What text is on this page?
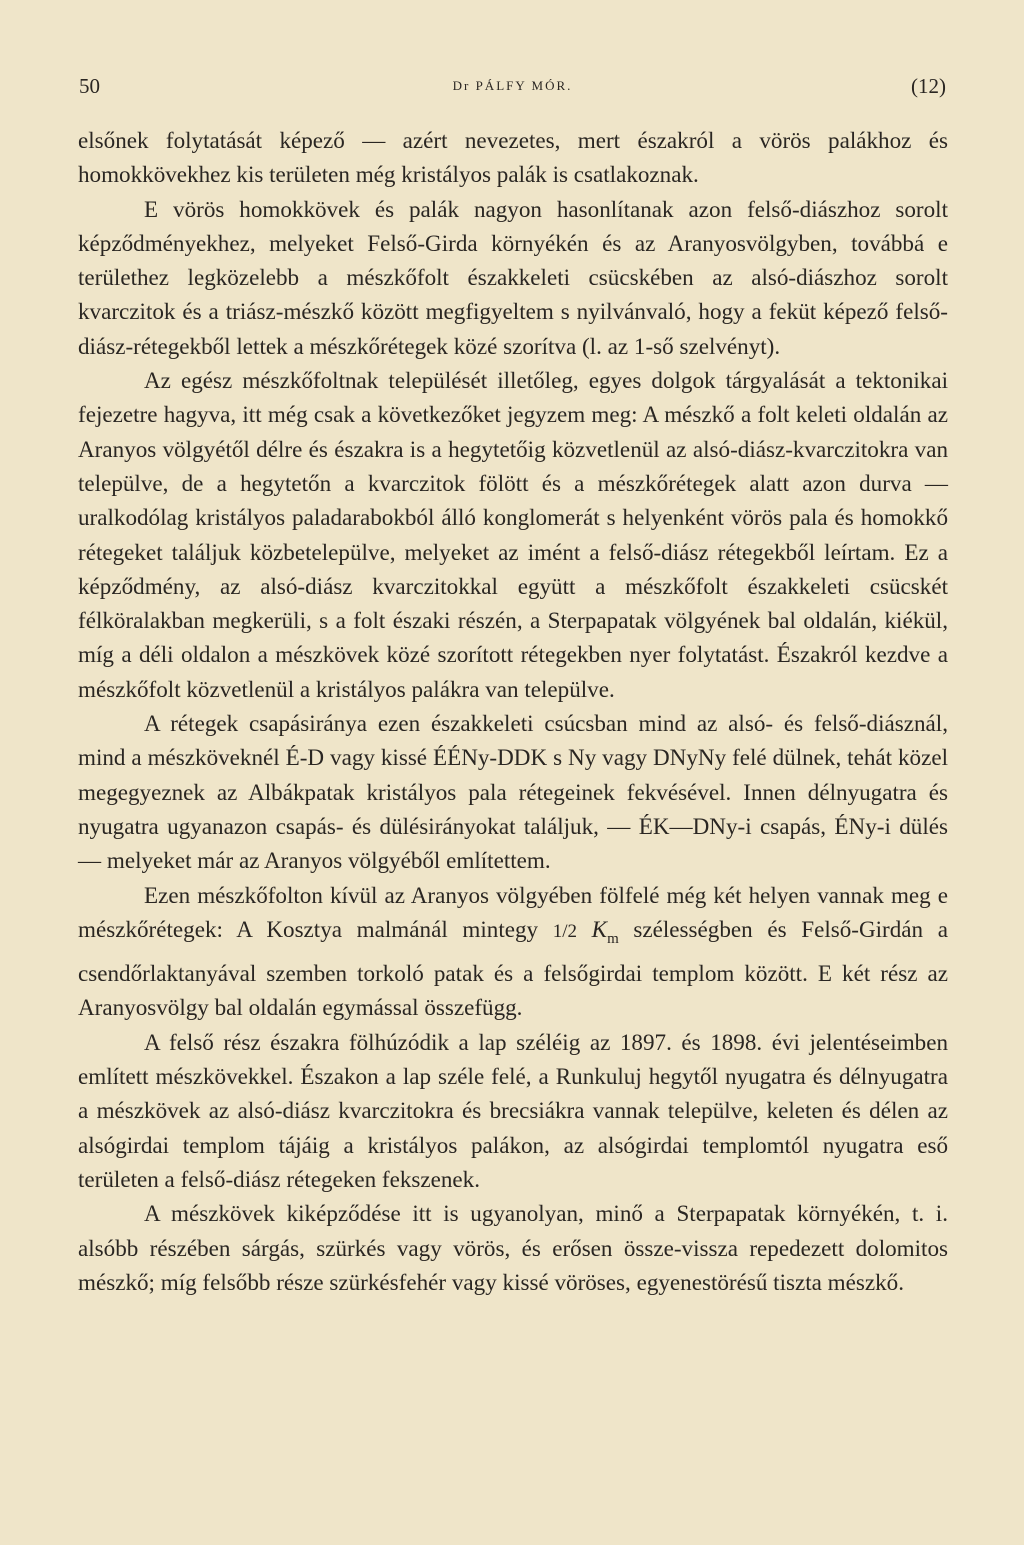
50	Dr PÁLFY MÓR.	(12)

elsőnek folytatását képező — azért nevezetes, mert északról a vörös palákhoz és homokkövekhez kis területen még kristályos palák is csatlakoznak.

E vörös homokkövek és palák nagyon hasonlítanak azon felső-diászhoz sorolt képződményekhez, melyeket Felső-Girda környékén és az Aranyosvölgyben, továbbá e területhez legközelebb a mészkőfolt északkeleti csücskében az alsó-diászhoz sorolt kvarczitok és a triász-mészkő között megfigyeltem s nyilvánvaló, hogy a feküt képező felső-diász-rétegekből lettek a mészkőrétegek közé szorítva (l. az 1-ső szelvényt).

Az egész mészkőfoltnak települését illetőleg, egyes dolgok tárgyalását a tektonikai fejezetre hagyva, itt még csak a következőket jegyzem meg: A mészkő a folt keleti oldalán az Aranyos völgyétől délre és északra is a hegytetőig közvetlenül az alsó-diász-kvarczitokra van települve, de a hegytetőn a kvarczitok fölött és a mészkőrétegek alatt azon durva — uralkodólag kristályos paladarabokból álló konglomerát s helyenként vörös pala és homokkő rétegeket találjuk közbetelepülve, melyeket az imént a felső-diász rétegekből leírtam. Ez a képződmény, az alsó-diász kvarczitokkal együtt a mészkőfolt északkeleti csücskét félköralakban megkerüli, s a folt északi részén, a Sterpapatak völgyének bal oldalán, kiékül, míg a déli oldalon a mészkövek közé szorított rétegekben nyer folytatást. Északról kezdve a mészkőfolt közvetlenül a kristályos palákra van települve.

A rétegek csapásiránya ezen északkeleti csúcsban mind az alsó- és felső-diásznál, mind a mészköveknél É-D vagy kissé ÉÉNy-DDK s Ny vagy DNyNy felé dülnek, tehát közel megegyeznek az Albákpatak kristályos pala rétegeinek fekvésével. Innen délnyugatra és nyugatra ugyanazon csapás- és dülésirányokat találjuk, — ÉK—DNy-i csapás, ÉNy-i dülés — melyeket már az Aranyos völgyéből említettem.

Ezen mészkőfolton kívül az Aranyos völgyében fölfelé még két helyen vannak meg e mészkőrétegek: A Kosztya malmánál mintegy 1/2 $K_m$ szélességben és Felső-Girdán a csendőrlaktanyával szemben torkoló patak és a felsőgirdai templom között. E két rész az Aranyosvölgy bal oldalán egymással összefügg.

A felső rész északra fölhúzódik a lap széléig az 1897. és 1898. évi jelentéseimben említett mészkövekkel. Északon a lap széle felé, a Runkuluj hegytől nyugatra és délnyugatra a mészkövek az alsó-diász kvarczitokra és brecsiákra vannak települve, keleten és délen az alsógirdai templom tájáig a kristályos palákon, az alsógirdai templomtól nyugatra eső területen a felső-diász rétegeken fekszenek.

A mészkövek kiképződése itt is ugyanolyan, minő a Sterpapatak környékén, t. i. alsóbb részében sárgás, szürkés vagy vörös, és erősen össze-vissza repedezett dolomitos mészkő; míg felsőbb része szürkésfehér vagy kissé vöröses, egyenestörésű tiszta mészkő.
